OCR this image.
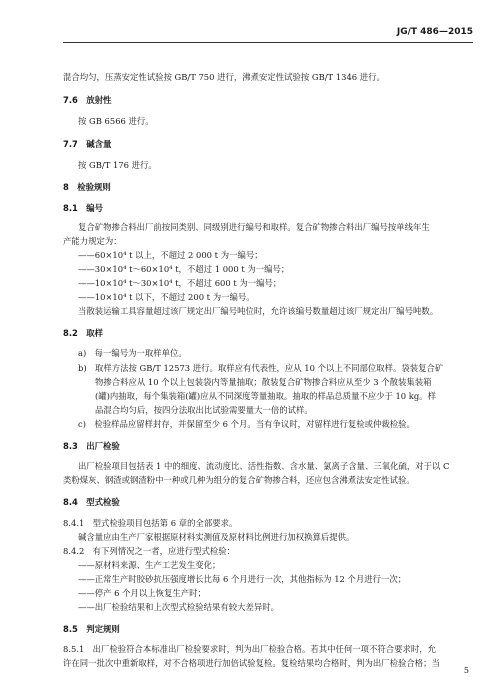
JG/T 486—2015
混合均匀，压蒸安定性试验按 GB/T 750 进行，沸煮安定性试验按 GB/T 1346 进行。
7.6　放射性
按 GB 6566 进行。
7.7　碱含量
按 GB/T 176 进行。
8　检验规则
8.1　编号
复合矿物掺合料出厂前按同类别、同级别进行编号和取样。复合矿物掺合料出厂编号按单线年生
产能力规定为：
——60×10⁴ t 以上，不超过 2 000 t 为一编号；
——30×10⁴ t～60×10⁴ t，不超过 1 000 t 为一编号；
——10×10⁴ t～30×10⁴ t，不超过 600 t 为一编号；
——10×10⁴ t 以下，不超过 200 t 为一编号。
当散装运输工具容量超过该厂规定出厂编号吨位时，允许该编号数量超过该厂规定出厂编号吨数。
8.2　取样
a)　每一编号为一取样单位。
b)　取样方法按 GB/T 12573 进行。取样应有代表性，应从 10 个以上不同部位取样。袋装复合矿
物掺合料应从 10 个以上包装袋内等量抽取；散装复合矿物掺合料应从至少 3 个散装集装箱
(罐)内抽取，每个集装箱(罐)应从不同深度等量抽取。抽取的样品总质量不应少于 10 kg。样
品混合均匀后，按四分法取出比试验需要量大一倍的试样。
c)　检验样品应留样封存，并保留至少 6 个月。当有争议时，对留样进行复检或仲裁检验。
8.3　出厂检验
出厂检验项目包括表 1 中的细度、流动度比、活性指数、含水量、氯离子含量、三氧化硫，对于以 C
类粉煤灰、钢渣或钢渣粉中一种或几种为组分的复合矿物掺合料，还应包含沸煮法安定性试验。
8.4　型式检验
8.4.1　型式检验项目包括第 6 章的全部要求。
碱含量应由生产厂家根据原材料实测值及原材料比例进行加权换算后提供。
8.4.2　有下列情况之一者，应进行型式检验：
——原材料来源、生产工艺发生变化；
——正常生产时胶砂抗压强度增长比每 6 个月进行一次，其他指标为 12 个月进行一次；
——停产 6 个月以上恢复生产时；
——出厂检验结果和上次型式检验结果有较大差异时。
8.5　判定规则
8.5.1　出厂检验符合本标准出厂检验要求时，判为出厂检验合格。若其中任何一项不符合要求时，允
许在同一批次中重新取样，对不合格项进行加倍试验复检。复检结果均合格时，判为出厂检验合格；当
5
